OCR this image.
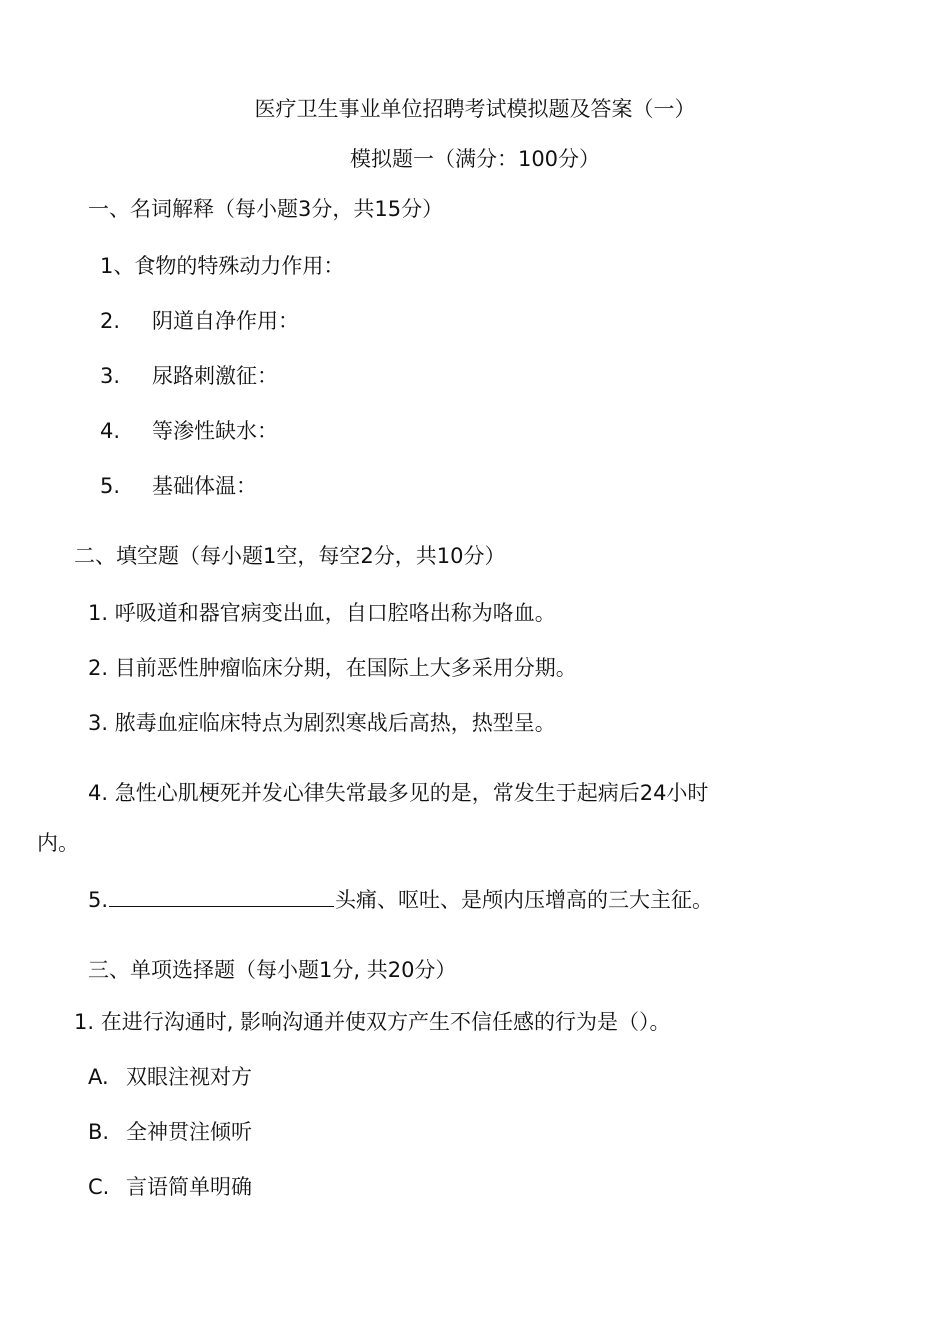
医疗卫生事业单位招聘考试模拟题及答案（一）
模拟题一（满分：100分）
一、名词解释（每小题3分，共15分）
1、食物的特殊动力作用：
2. 阴道自净作用：
3. 尿路刺激征：
4. 等渗性缺水：
5. 基础体温：
二、填空题（每小题1空，每空2分，共10分）
1. 呼吸道和器官病变出血，自口腔咯出称为咯血。
2. 目前恶性肿瘤临床分期，在国际上大多采用分期。
3. 脓毒血症临床特点为剧烈寒战后高热，热型呈。
4. 急性心肌梗死并发心律失常最多见的是，常发生于起病后24小时
内。
5.	头痛、呕吐、是颅内压增高的三大主征。
三、单项选择题（每小题1分, 共20分）
1. 在进行沟通时, 影响沟通并使双方产生不信任感的行为是（）。
A. 双眼注视对方
B. 全神贯注倾听
C. 言语简单明确
